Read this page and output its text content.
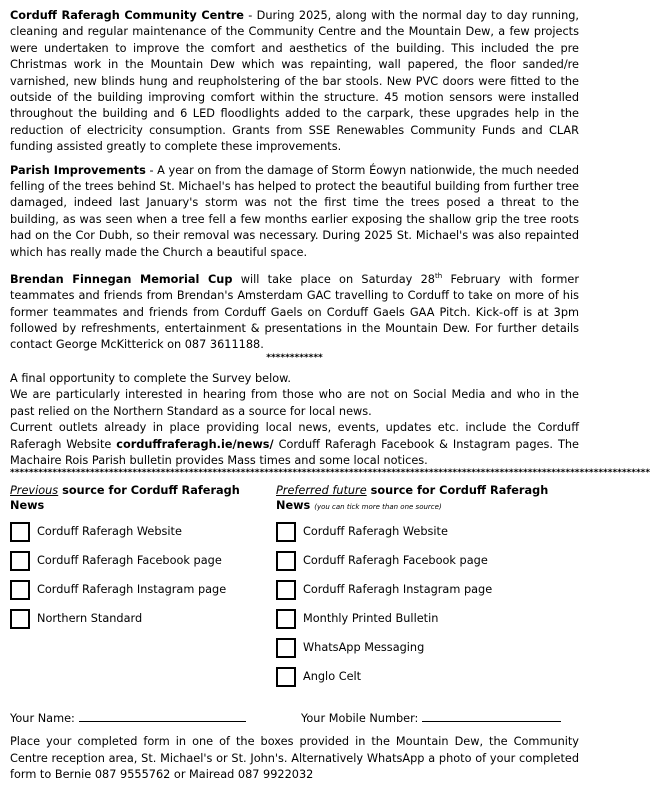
Corduff Raferagh Community Centre - During 2025, along with the normal day to day running, cleaning and regular maintenance of the Community Centre and the Mountain Dew, a few projects were undertaken to improve the comfort and aesthetics of the building. This included the pre Christmas work in the Mountain Dew which was repainting, wall papered, the floor sanded/re varnished, new blinds hung and reupholstering of the bar stools. New PVC doors were fitted to the outside of the building improving comfort within the structure. 45 motion sensors were installed throughout the building and 6 LED floodlights added to the carpark, these upgrades help in the reduction of electricity consumption. Grants from SSE Renewables Community Funds and CLAR funding assisted greatly to complete these improvements.

Parish Improvements - A year on from the damage of Storm Éowyn nationwide, the much needed felling of the trees behind St. Michael's has helped to protect the beautiful building from further tree damaged, indeed last January's storm was not the first time the trees posed a threat to the building, as was seen when a tree fell a few months earlier exposing the shallow grip the tree roots had on the Cor Dubh, so their removal was necessary. During 2025 St. Michael's was also repainted which has really made the Church a beautiful space.

Brendan Finnegan Memorial Cup will take place on Saturday 28th February with former teammates and friends from Brendan's Amsterdam GAC travelling to Corduff to take on more of his former teammates and friends from Corduff Gaels on Corduff Gaels GAA Pitch. Kick-off is at 3pm followed by refreshments, entertainment & presentations in the Mountain Dew. For further details contact George McKitterick on 087 3611188.

************

A final opportunity to complete the Survey below.

We are particularly interested in hearing from those who are not on Social Media and who in the past relied on the Northern Standard as a source for local news.

Current outlets already in place providing local news, events, updates etc. include the Corduff Raferagh Website corduffraferagh.ie/news/ Corduff Raferagh Facebook & Instagram pages. The Machaire Rois Parish bulletin provides Mass times and some local notices.

****************************************************************************************************************************************
Previous source for Corduff Raferagh News
Corduff Raferagh Website
Corduff Raferagh Facebook page
Corduff Raferagh Instagram page
Northern Standard
Preferred future source for Corduff Raferagh News (you can tick more than one source)
Corduff Raferagh Website
Corduff Raferagh Facebook page
Corduff Raferagh Instagram page
Monthly Printed Bulletin
WhatsApp Messaging
Anglo Celt
Your Name:	Your Mobile Number:

Place your completed form in one of the boxes provided in the Mountain Dew, the Community Centre reception area, St. Michael's or St. John's. Alternatively WhatsApp a photo of your completed form to Bernie 087 9555762 or Mairead 087 9922032
